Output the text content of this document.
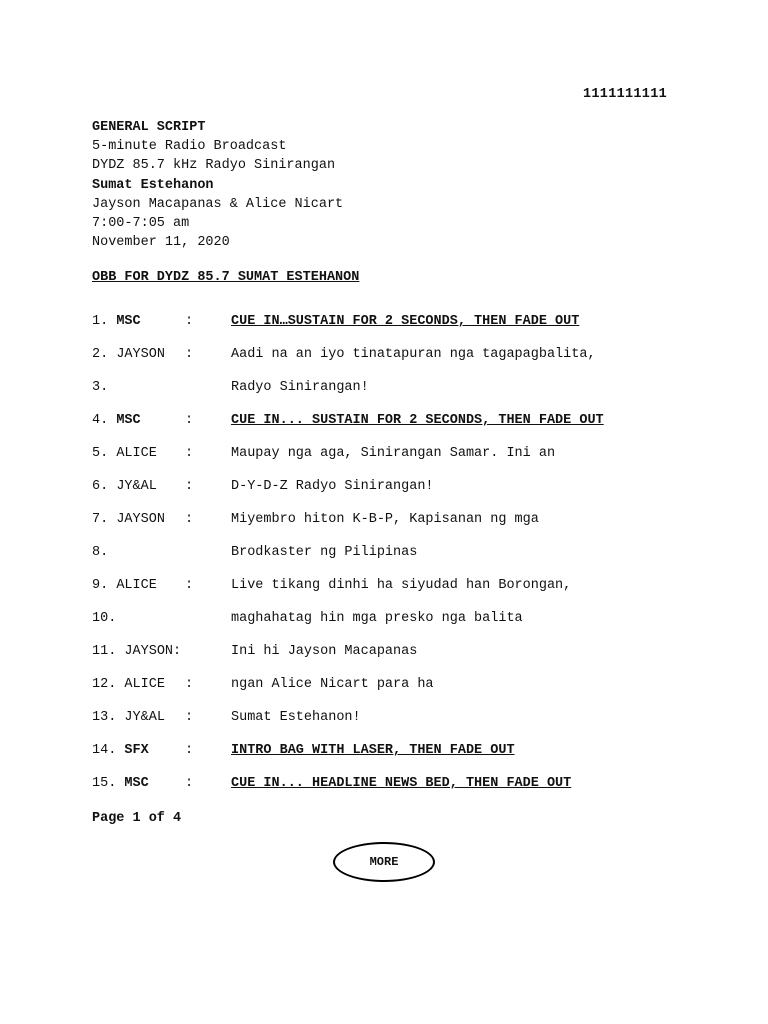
1111111111
GENERAL SCRIPT
5-minute Radio Broadcast
DYDZ 85.7 kHz Radyo Sinirangan
Sumat Estehanon
Jayson Macapanas & Alice Nicart
7:00-7:05 am
November 11, 2020
OBB FOR DYDZ 85.7 SUMAT ESTEHANON
1. MSC	:	CUE IN…SUSTAIN FOR 2 SECONDS, THEN FADE OUT
2. JAYSON :	Aadi na an iyo tinatapuran nga tagapagbalita,
3.	Radyo Sinirangan!
4. MSC	:	CUE IN... SUSTAIN FOR 2 SECONDS, THEN FADE OUT
5. ALICE :	Maupay nga aga, Sinirangan Samar. Ini an
6. JY&AL :	D-Y-D-Z Radyo Sinirangan!
7. JAYSON :	Miyembro hiton K-B-P, Kapisanan ng mga
8.	Brodkaster ng Pilipinas
9. ALICE :	Live tikang dinhi ha siyudad han Borongan,
10.	maghahatag hin mga presko nga balita
11. JAYSON:	Ini hi Jayson Macapanas
12. ALICE :	ngan Alice Nicart para ha
13. JY&AL :	Sumat Estehanon!
14. SFX	:	INTRO BAG WITH LASER, THEN FADE OUT
15. MSC	:	CUE IN... HEADLINE NEWS BED, THEN FADE OUT
Page 1 of 4
MORE
